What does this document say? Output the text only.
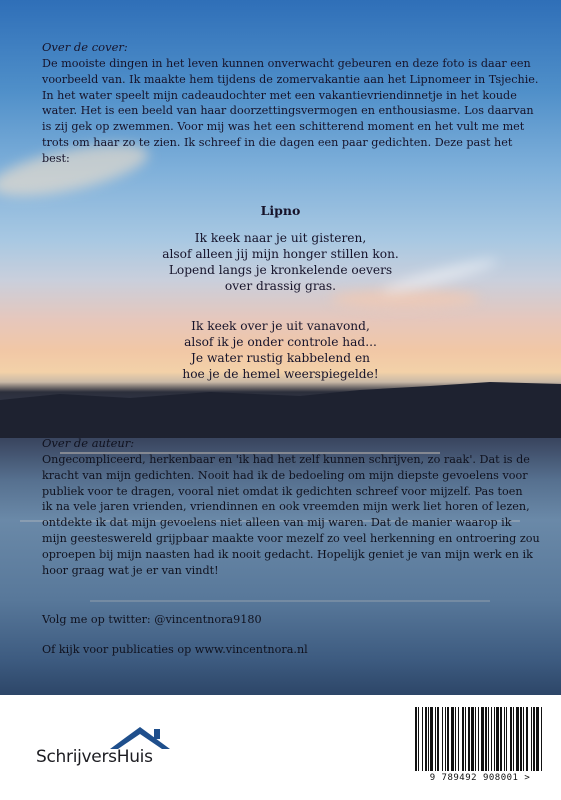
Over de cover:
De mooiste dingen in het leven kunnen onverwacht gebeuren en deze foto is daar een
voorbeeld van. Ik maakte hem tijdens de zomervakantie aan het Lipnomeer in Tsjechie.
In het water speelt mijn cadeaudochter met een vakantievriendinnetje in het koude
water. Het is een beeld van haar doorzettingsvermogen en enthousiasme. Los daarvan
is zij gek op zwemmen. Voor mij was het een schitterend moment en het vult me met
trots om haar zo te zien. Ik schreef in die dagen een paar gedichten. Deze past het best:
Lipno
Ik keek naar je uit gisteren,
alsof alleen jij mijn honger stillen kon.
Lopend langs je kronkelende oevers
over drassig gras.
Ik keek over je uit vanavond,
alsof ik je onder controle had...
Je water rustig kabbelend en
hoe je de hemel weerspiegelde!
Over de auteur:
Ongecompliceerd, herkenbaar en 'ik had het zelf kunnen schrijven, zo raak'. Dat is de
kracht van mijn gedichten. Nooit had ik de bedoeling om mijn diepste gevoelens voor
publiek voor te dragen, vooral niet omdat ik gedichten schreef voor mijzelf. Pas toen
ik na vele jaren vrienden, vriendinnen en ook vreemden mijn werk liet horen of lezen,
ontdekte ik dat mijn gevoelens niet alleen van mij waren. Dat de manier waarop ik
mijn geesteswereld grijpbaar maakte voor mezelf zo veel herkenning en ontroering zou
oproepen bij mijn naasten had ik nooit gedacht. Hopelijk geniet je van mijn werk en ik
hoor graag wat je er van vindt!
Volg me op twitter: @vincentnora9180
Of kijk voor publicaties op www.vincentnora.nl
SchrijversHuis
9 789492 908001 >
